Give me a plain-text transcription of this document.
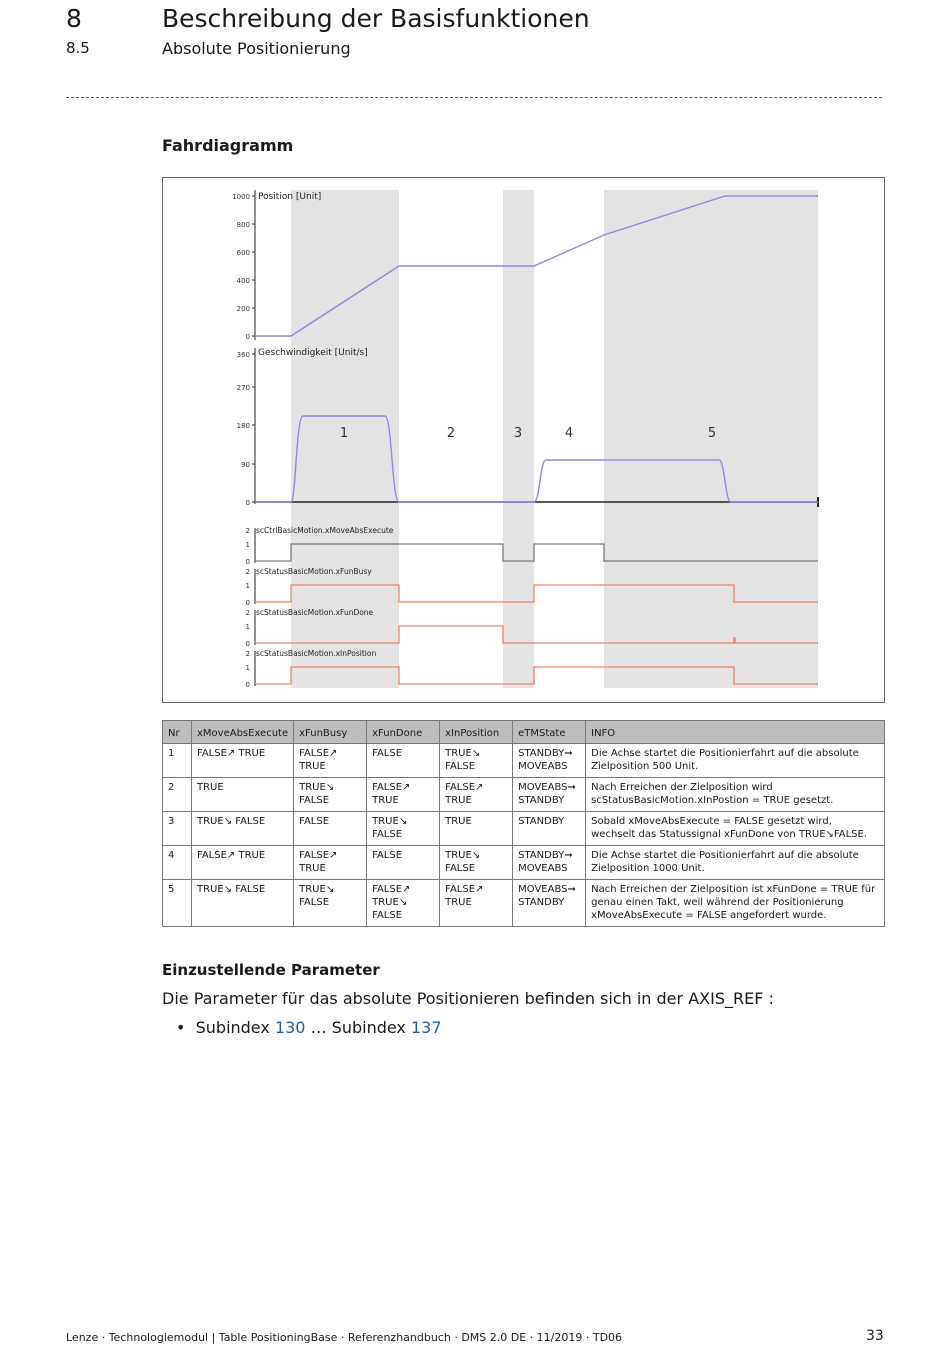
8	Beschreibung der Basisfunktionen
8.5	Absolute Positionierung
Fahrdiagramm
1000
800
600
400
200
0
Position [Unit]
360
270
180
90
0
Geschwindigkeit [Unit/s]
1	2	3	4	5
2
1
0
scCtrlBasicMotion.xMoveAbsExecute
2
1
0
scStatusBasicMotion.xFunBusy
2
1
0
scStatusBasicMotion.xFunDone
2
1
0
scStatusBasicMotion.xInPosition
Nr	xMoveAbsExecute	xFunBusy	xFunDone	xInPosition	eTMState	INFO
1	FALSE↗ TRUE	FALSE↗ TRUE	FALSE	TRUE↘ FALSE	STANDBY➞ MOVEABS	Die Achse startet die Positionierfahrt auf die absolute Zielposition 500 Unit.
2	TRUE	TRUE↘ FALSE	FALSE↗ TRUE	FALSE↗ TRUE	MOVEABS➞ STANDBY	Nach Erreichen der Zielposition wird scStatusBasicMotion.xInPostion = TRUE gesetzt.
3	TRUE↘ FALSE	FALSE	TRUE↘ FALSE	TRUE	STANDBY	Sobald xMoveAbsExecute = FALSE gesetzt wird, wechselt das Statussignal xFunDone von TRUE↘FALSE.
4	FALSE↗ TRUE	FALSE↗ TRUE	FALSE	TRUE↘ FALSE	STANDBY➞ MOVEABS	Die Achse startet die Positionierfahrt auf die absolute Zielposition 1000 Unit.
5	TRUE↘ FALSE	TRUE↘ FALSE	FALSE↗ TRUE↘ FALSE	FALSE↗ TRUE	MOVEABS➞ STANDBY	Nach Erreichen der Zielposition ist xFunDone = TRUE für genau einen Takt, weil während der Positionierung xMoveAbsExecute = FALSE angefordert wurde.
Einzustellende Parameter
Die Parameter für das absolute Positionieren befinden sich in der AXIS_REF :
•  Subindex 130 … Subindex 137
Lenze · Technologiemodul | Table PositioningBase · Referenzhandbuch · DMS 2.0 DE · 11/2019 · TD06	33
